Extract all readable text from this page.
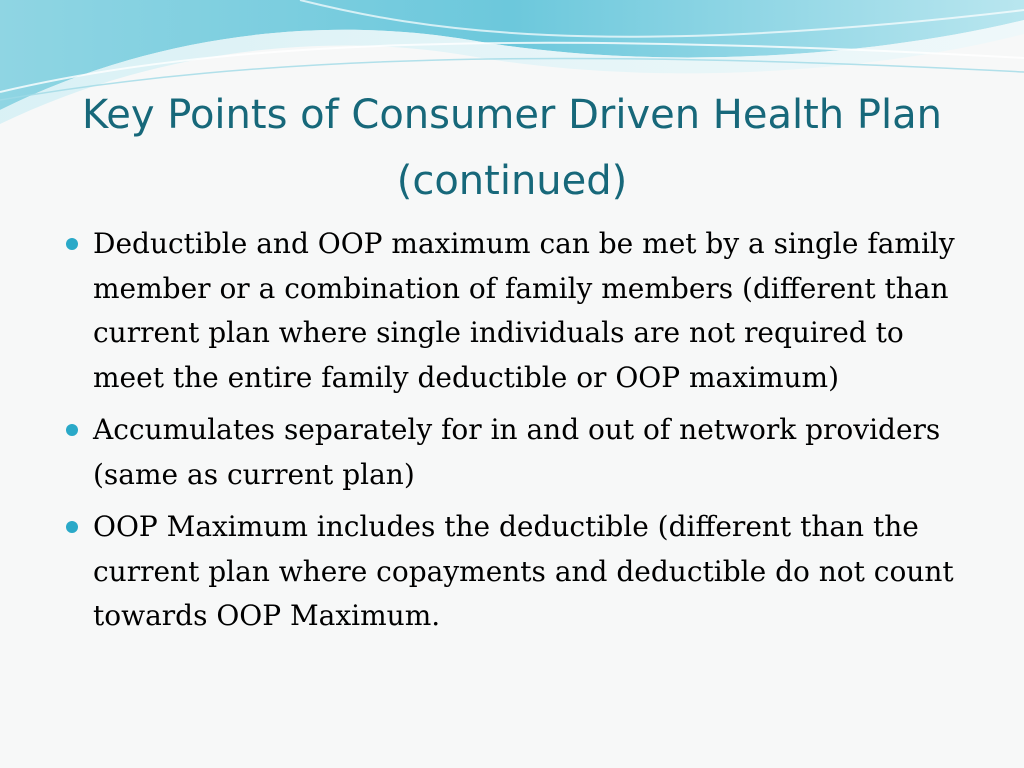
Key Points of Consumer Driven Health Plan
(continued)
Deductible and OOP maximum can be met by a single family member or a combination of family members (different than current plan where single individuals are not required to meet the entire family deductible or OOP maximum)
Accumulates separately for in and out of network providers (same as current plan)
OOP Maximum includes the deductible (different than the current plan where copayments and deductible do not count towards OOP Maximum.
